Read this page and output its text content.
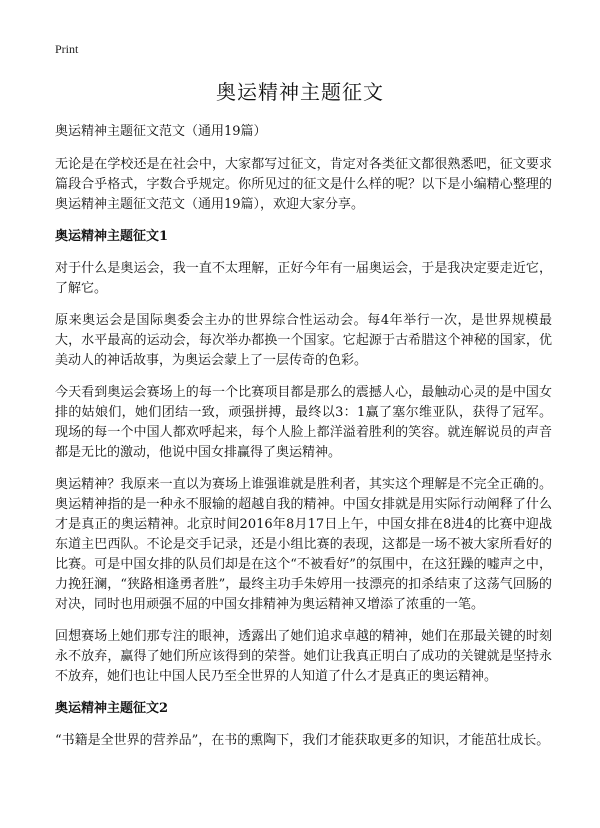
Print
奥运精神主题征文
奥运精神主题征文范文（通用19篇）

无论是在学校还是在社会中，大家都写过征文，肯定对各类征文都很熟悉吧，征文要求篇段合乎格式，字数合乎规定。你所见过的征文是什么样的呢？以下是小编精心整理的奥运精神主题征文范文（通用19篇），欢迎大家分享。

奥运精神主题征文1

对于什么是奥运会，我一直不太理解，正好今年有一届奥运会，于是我决定要走近它，了解它。

原来奥运会是国际奥委会主办的世界综合性运动会。每4年举行一次，是世界规模最大，水平最高的运动会，每次举办都换一个国家。它起源于古希腊这个神秘的国家，优美动人的神话故事，为奥运会蒙上了一层传奇的色彩。

今天看到奥运会赛场上的每一个比赛项目都是那么的震撼人心，最触动心灵的是中国女排的姑娘们，她们团结一致，顽强拼搏，最终以3：1赢了塞尔维亚队，获得了冠军。现场的每一个中国人都欢呼起来，每个人脸上都洋溢着胜利的笑容。就连解说员的声音都是无比的激动，他说中国女排赢得了奥运精神。

奥运精神？我原来一直以为赛场上谁强谁就是胜利者，其实这个理解是不完全正确的。奥运精神指的是一种永不服输的超越自我的精神。中国女排就是用实际行动阐释了什么才是真正的奥运精神。北京时间2016年8月17日上午，中国女排在8进4的比赛中迎战东道主巴西队。不论是交手记录，还是小组比赛的表现，这都是一场不被大家所看好的比赛。可是中国女排的队员们却是在这个“不被看好”的氛围中，在这狂躁的嘘声之中，力挽狂澜，“狭路相逢勇者胜”，最终主功手朱婷用一技漂亮的扣杀结束了这荡气回肠的对决，同时也用顽强不屈的中国女排精神为奥运精神又增添了浓重的一笔。

回想赛场上她们那专注的眼神，透露出了她们追求卓越的精神，她们在那最关键的时刻永不放弃，赢得了她们所应该得到的荣誉。她们让我真正明白了成功的关键就是坚持永不放弃，她们也让中国人民乃至全世界的人知道了什么才是真正的奥运精神。

奥运精神主题征文2

“书籍是全世界的营养品”，在书的熏陶下，我们才能获取更多的知识，才能茁壮成长。
